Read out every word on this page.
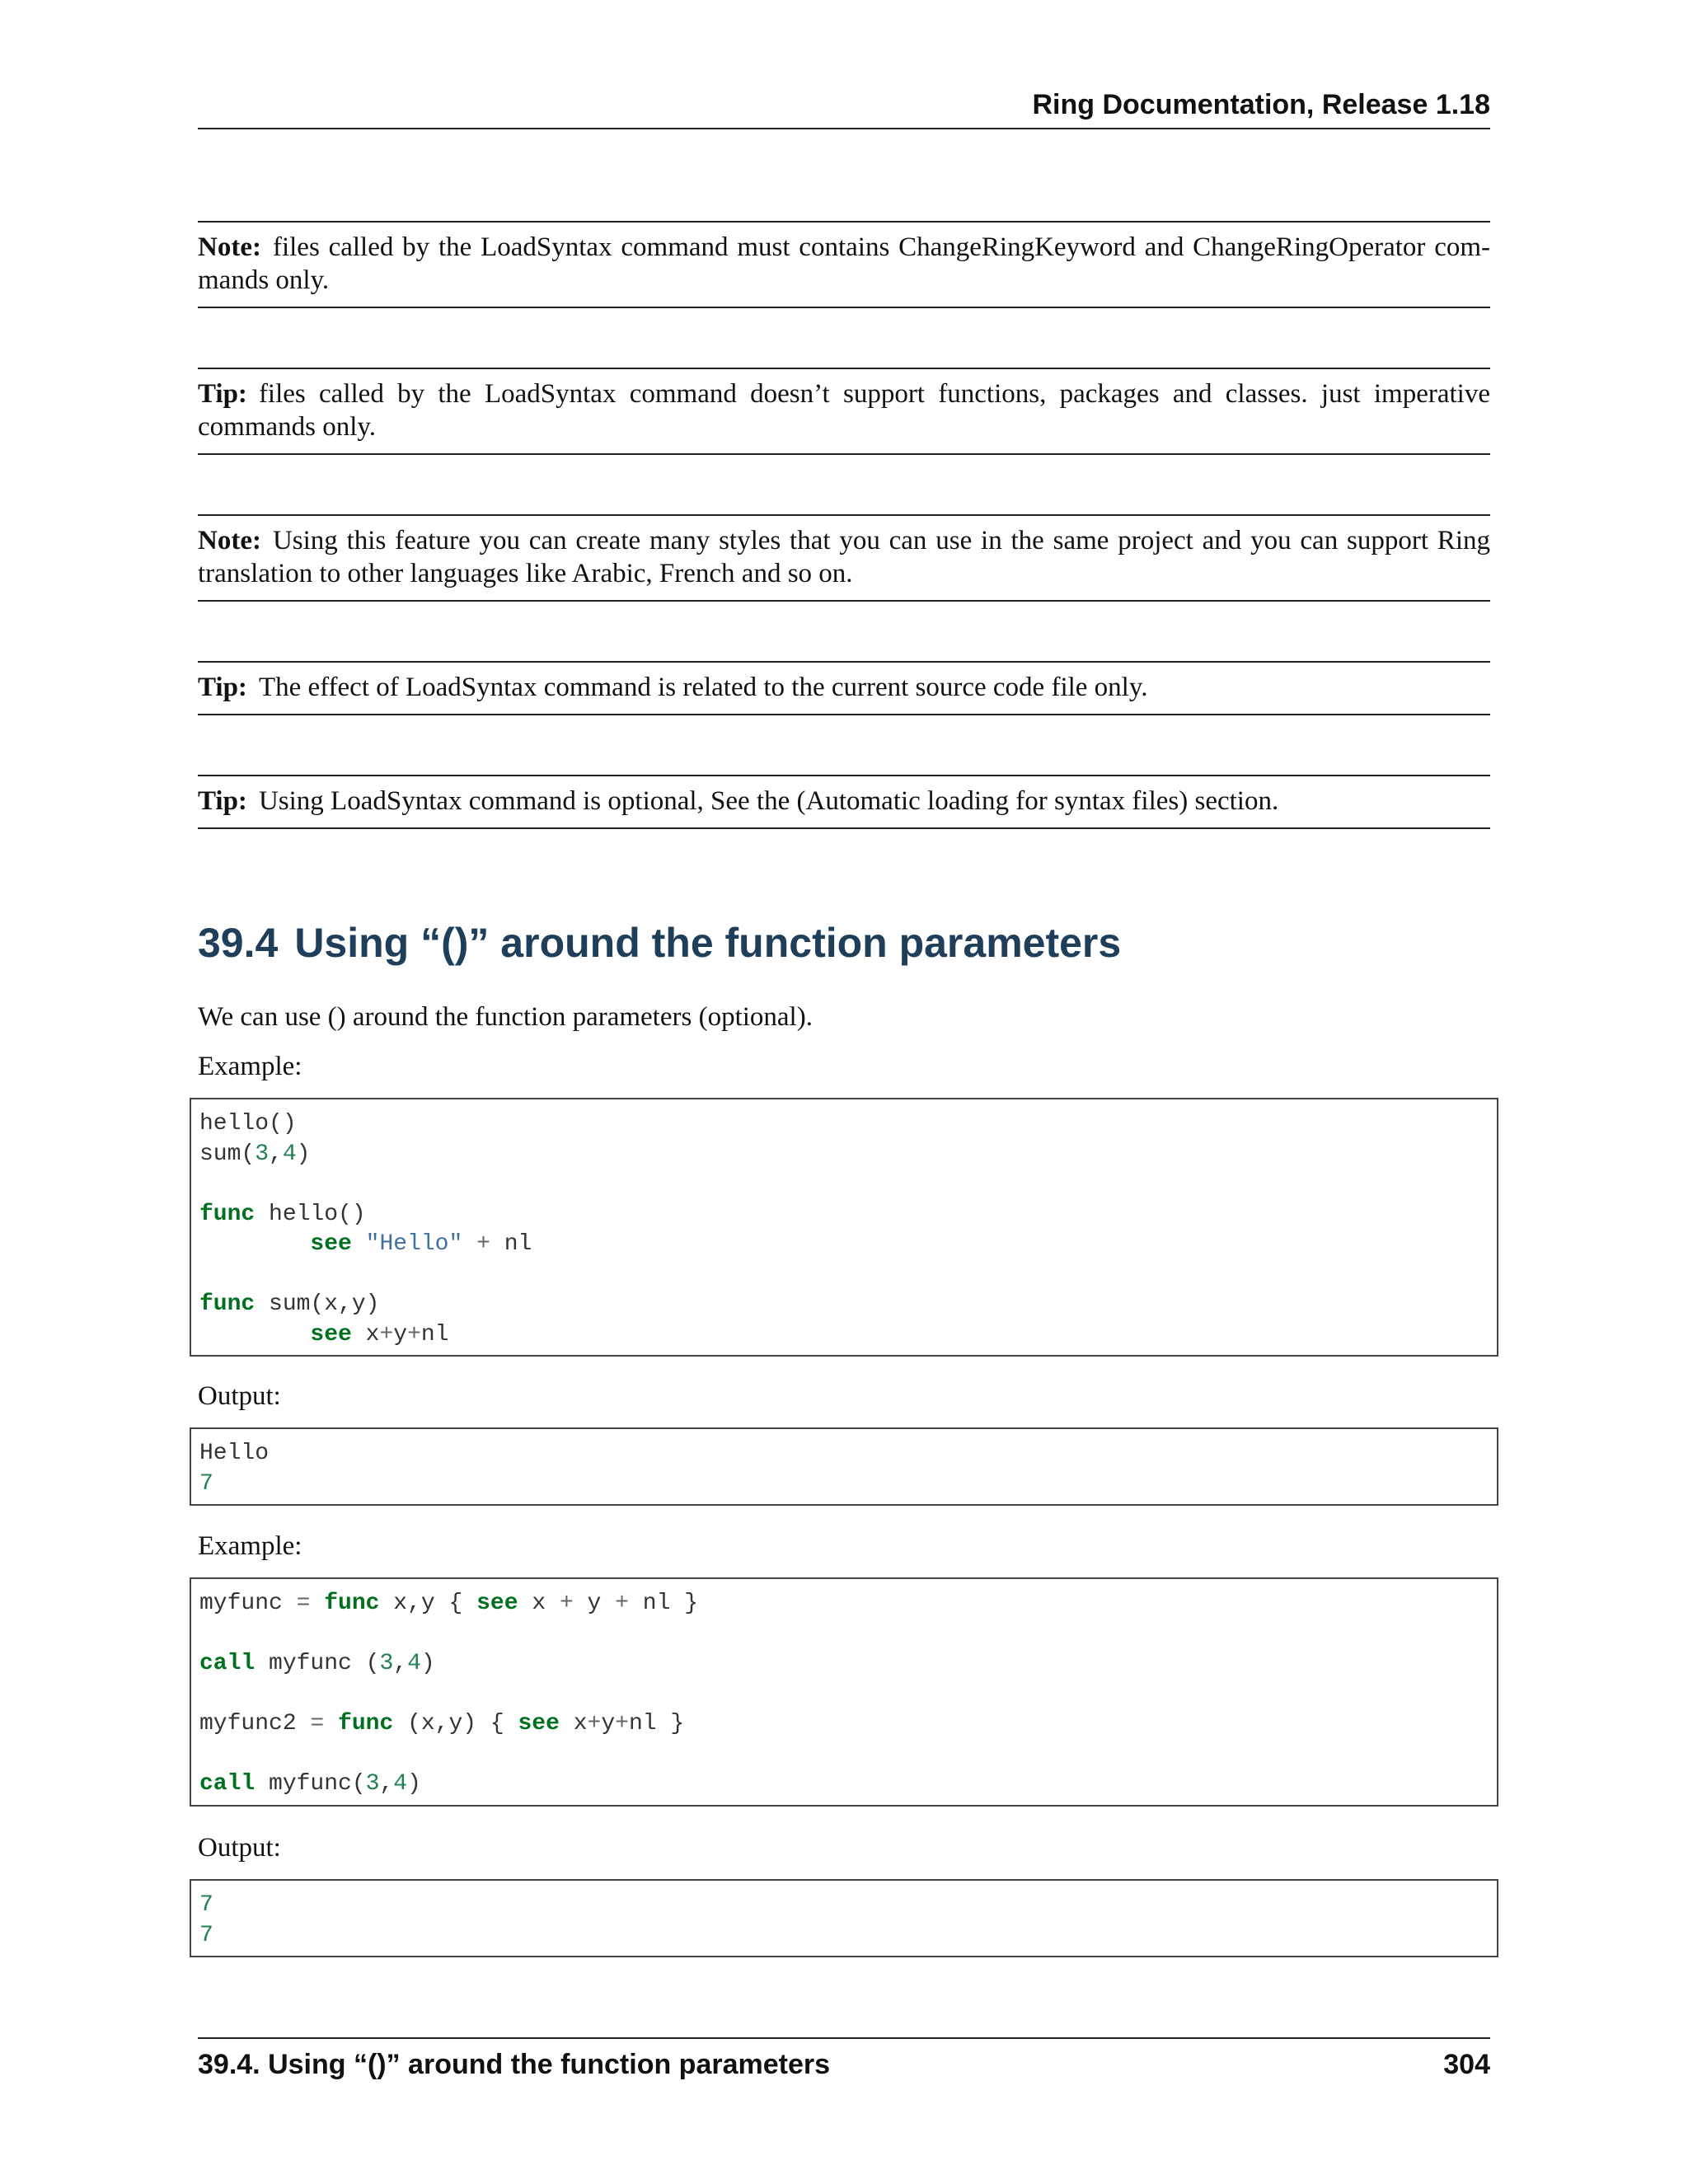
Ring Documentation, Release 1.18
Note: files called by the LoadSyntax command must contains ChangeRingKeyword and ChangeRingOperator com-mands only.
Tip: files called by the LoadSyntax command doesn’t support functions, packages and classes. just imperative commands only.
Note: Using this feature you can create many styles that you can use in the same project and you can support Ring translation to other languages like Arabic, French and so on.
Tip: The effect of LoadSyntax command is related to the current source code file only.
Tip: Using LoadSyntax command is optional, See the (Automatic loading for syntax files) section.
39.4 Using “()” around the function parameters

We can use () around the function parameters (optional).

Example:

hello()
sum(3,4)

func hello()
see "Hello" + nl

func sum(x,y)
see x+y+nl

Output:

Hello
7

Example:

myfunc = func x,y { see x + y + nl }

call myfunc (3,4)

myfunc2 = func (x,y) { see x+y+nl }

call myfunc(3,4)

Output:

7
7
39.4. Using “()” around the function parameters	304
